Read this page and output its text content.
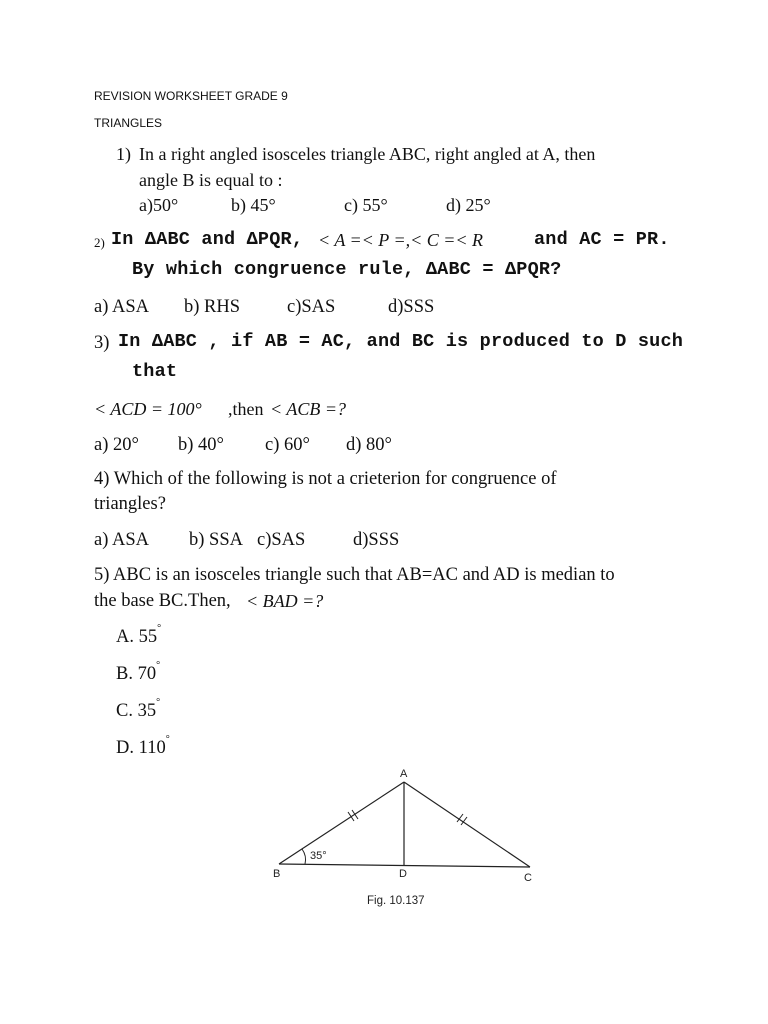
REVISION WORKSHEET GRADE 9
TRIANGLES
1) In a right angled isosceles triangle ABC, right angled at A, then
angle B is equal to :
a)50°	b) 45°	c) 55°	d) 25°
2) In ΔABC and ΔPQR, < A =< P =,< C =< R	and AC = PR.
By which congruence rule, ΔABC = ΔPQR?
a) ASA b) RHS	c)SAS	d)SSS
3) In ΔABC , if AB = AC, and BC is produced to D such
that
< ACD = 100° ,then < ACB =?
a) 20° b) 40° c) 60° d) 80°
4) Which of the following is not a crieterion for congruence of
triangles?
a) ASA b) SSA c)SAS	d)SSS
5) ABC is an isosceles triangle such that AB=AC and AD is median to
the base BC.Then, < BAD =?
A. 55°
B. 70°
C. 35°
D. 110°
A
B	C
D
35°
Fig. 10.137
